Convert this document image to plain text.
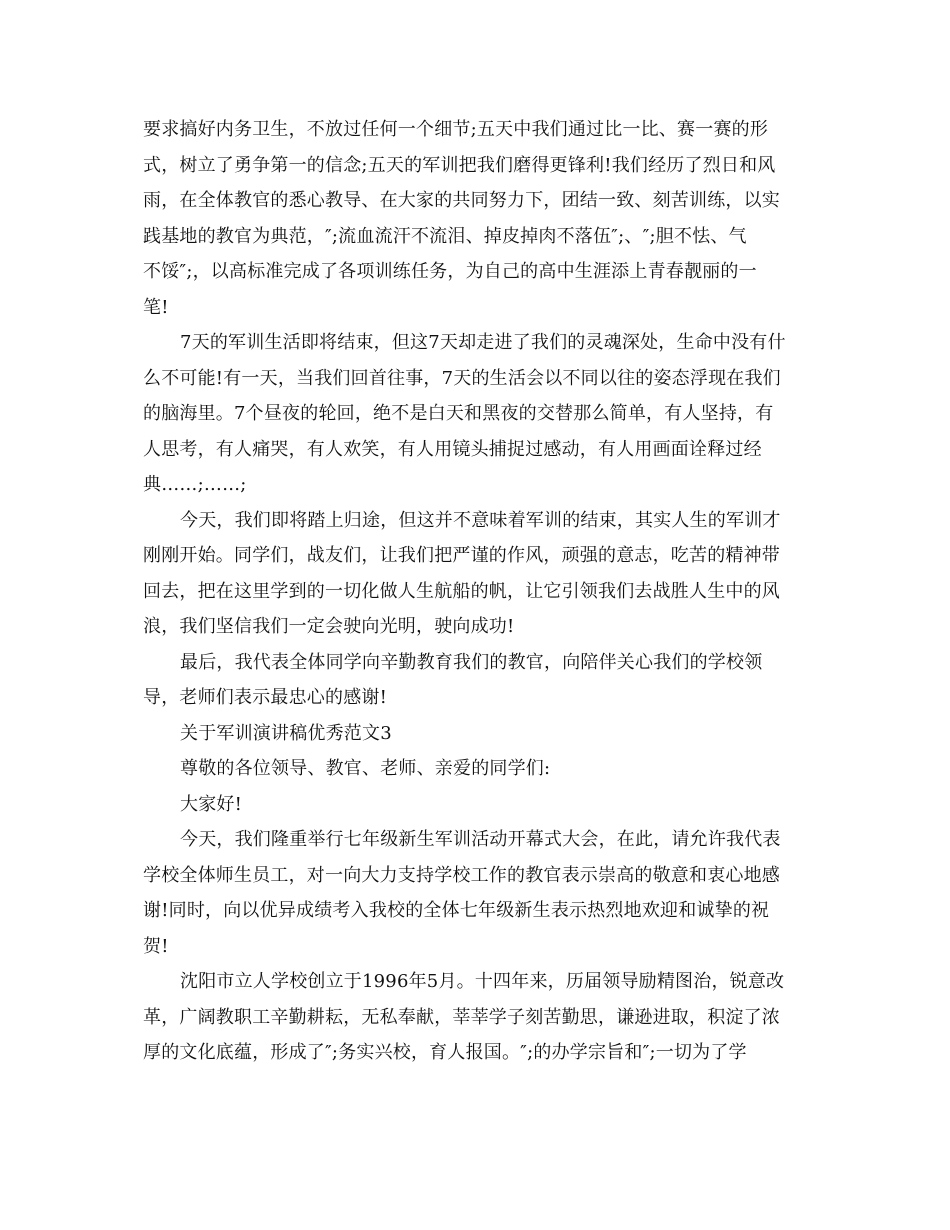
要求搞好内务卫生，不放过任何一个细节;五天中我们通过比一比、赛一赛的形
式，树立了勇争第一的信念;五天的军训把我们磨得更锋利!我们经历了烈日和风
雨，在全体教官的悉心教导、在大家的共同努力下，团结一致、刻苦训练，以实
践基地的教官为典范，″;流血流汗不流泪、掉皮掉肉不落伍″;、″;胆不怯、气
不馁″;，以高标准完成了各项训练任务，为自己的高中生涯添上青春靓丽的一
笔!

7天的军训生活即将结束，但这7天却走进了我们的灵魂深处，生命中没有什
么不可能!有一天，当我们回首往事，7天的生活会以不同以往的姿态浮现在我们
的脑海里。7个昼夜的轮回，绝不是白天和黑夜的交替那么简单，有人坚持，有
人思考，有人痛哭，有人欢笑，有人用镜头捕捉过感动，有人用画面诠释过经
典……;……;

今天，我们即将踏上归途，但这并不意味着军训的结束，其实人生的军训才
刚刚开始。同学们，战友们，让我们把严谨的作风，顽强的意志，吃苦的精神带
回去，把在这里学到的一切化做人生航船的帆，让它引领我们去战胜人生中的风
浪，我们坚信我们一定会驶向光明，驶向成功!

最后，我代表全体同学向辛勤教育我们的教官，向陪伴关心我们的学校领
导，老师们表示最忠心的感谢!

关于军训演讲稿优秀范文3

尊敬的各位领导、教官、老师、亲爱的同学们:

大家好!

今天，我们隆重举行七年级新生军训活动开幕式大会，在此，请允许我代表
学校全体师生员工，对一向大力支持学校工作的教官表示崇高的敬意和衷心地感
谢!同时，向以优异成绩考入我校的全体七年级新生表示热烈地欢迎和诚挚的祝
贺!

沈阳市立人学校创立于1996年5月。十四年来，历届领导励精图治，锐意改
革，广阔教职工辛勤耕耘，无私奉献，莘莘学子刻苦勤思，谦逊进取，积淀了浓
厚的文化底蕴，形成了″;务实兴校，育人报国。″;的办学宗旨和″;一切为了学
